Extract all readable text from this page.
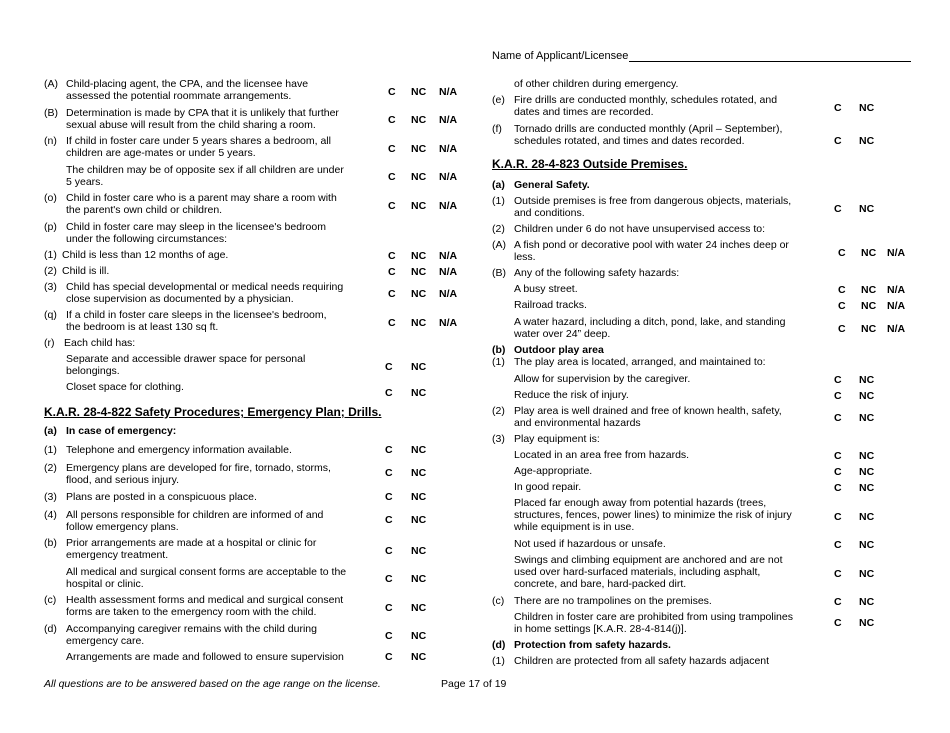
Name of Applicant/Licensee
(A) Child-placing agent, the CPA, and the licensee have
assessed the potential roommate arrangements.	C NC N/A
(B) Determination is made by CPA that it is unlikely that further
sexual abuse will result from the child sharing a room.	C NC N/A
(n) If child in foster care under 5 years shares a bedroom, all
children are age-mates or under 5 years.	C NC N/A
The children may be of opposite sex if all children are under
5 years.	C NC N/A
(o) Child in foster care who is a parent may share a room with
the parent's own child or children.	C NC N/A
(p) Child in foster care may sleep in the licensee's bedroom
under the following circumstances:
(1) Child is less than 12 months of age.	C NC N/A
(2) Child is ill.	C NC N/A
(3) Child has special developmental or medical needs requiring
close supervision as documented by a physician.	C NC N/A
(q) If a child in foster care sleeps in the licensee's bedroom,
the bedroom is at least 130 sq ft.	C NC N/A
(r) Each child has:
Separate and accessible drawer space for personal
belongings.	C NC
Closet space for clothing.	C NC
K.A.R. 28-4-822 Safety Procedures; Emergency Plan; Drills.
(a) In case of emergency:
(1) Telephone and emergency information available.	C NC
(2) Emergency plans are developed for fire, tornado, storms,
flood, and serious injury.
C NC
(3) Plans are posted in a conspicuous place.	C NC
(4) All persons responsible for children are informed of and
follow emergency plans.
C NC
(b) Prior arrangements are made at a hospital or clinic for
emergency treatment.	C NC
All medical and surgical consent forms are acceptable to the
hospital or clinic.	C NC
(c) Health assessment forms and medical and surgical consent
forms are taken to the emergency room with the child.	C NC
(d) Accompanying caregiver remains with the child during
emergency care.	C NC
Arrangements are made and followed to ensure supervision	C NC
of other children during emergency.
(e) Fire drills are conducted monthly, schedules rotated, and
dates and times are recorded.	C NC
(f) Tornado drills are conducted monthly (April – September),
schedules rotated, and times and dates recorded.	C NC
K.A.R. 28-4-823 Outside Premises.
(a) General Safety.
(1) Outside premises is free from dangerous objects, materials,
and conditions.	C NC
(2) Children under 6 do not have unsupervised access to:
(A) A fish pond or decorative pool with water 24 inches deep or
less.	C NC N/A
(B) Any of the following safety hazards:
A busy street.	C NC N/A
Railroad tracks.	C NC N/A
A water hazard, including a ditch, pond, lake, and standing
water over 24” deep.	C NC N/A
(b) Outdoor play area
(1) The play area is located, arranged, and maintained to:
Allow for supervision by the caregiver.	C NC
Reduce the risk of injury.	C NC
(2) Play area is well drained and free of known health, safety,
and environmental hazards	C NC
(3) Play equipment is:
Located in an area free from hazards.	C NC
Age-appropriate.	C NC
In good repair.	C NC
Placed far enough away from potential hazards (trees,
structures, fences, power lines) to minimize the risk of injury
while equipment is in use.
C NC
Not used if hazardous or unsafe.	C NC
Swings and climbing equipment are anchored and are not
used over hard-surfaced materials, including asphalt,
concrete, and bare, hard-packed dirt.
C NC
(c) There are no trampolines on the premises.	C NC
Children in foster care are prohibited from using trampolines
in home settings [K.A.R. 28-4-814(j)].	C NC
(d) Protection from safety hazards.
(1) Children are protected from all safety hazards adjacent
All questions are to be answered based on the age range on the license.	Page 17 of 19
